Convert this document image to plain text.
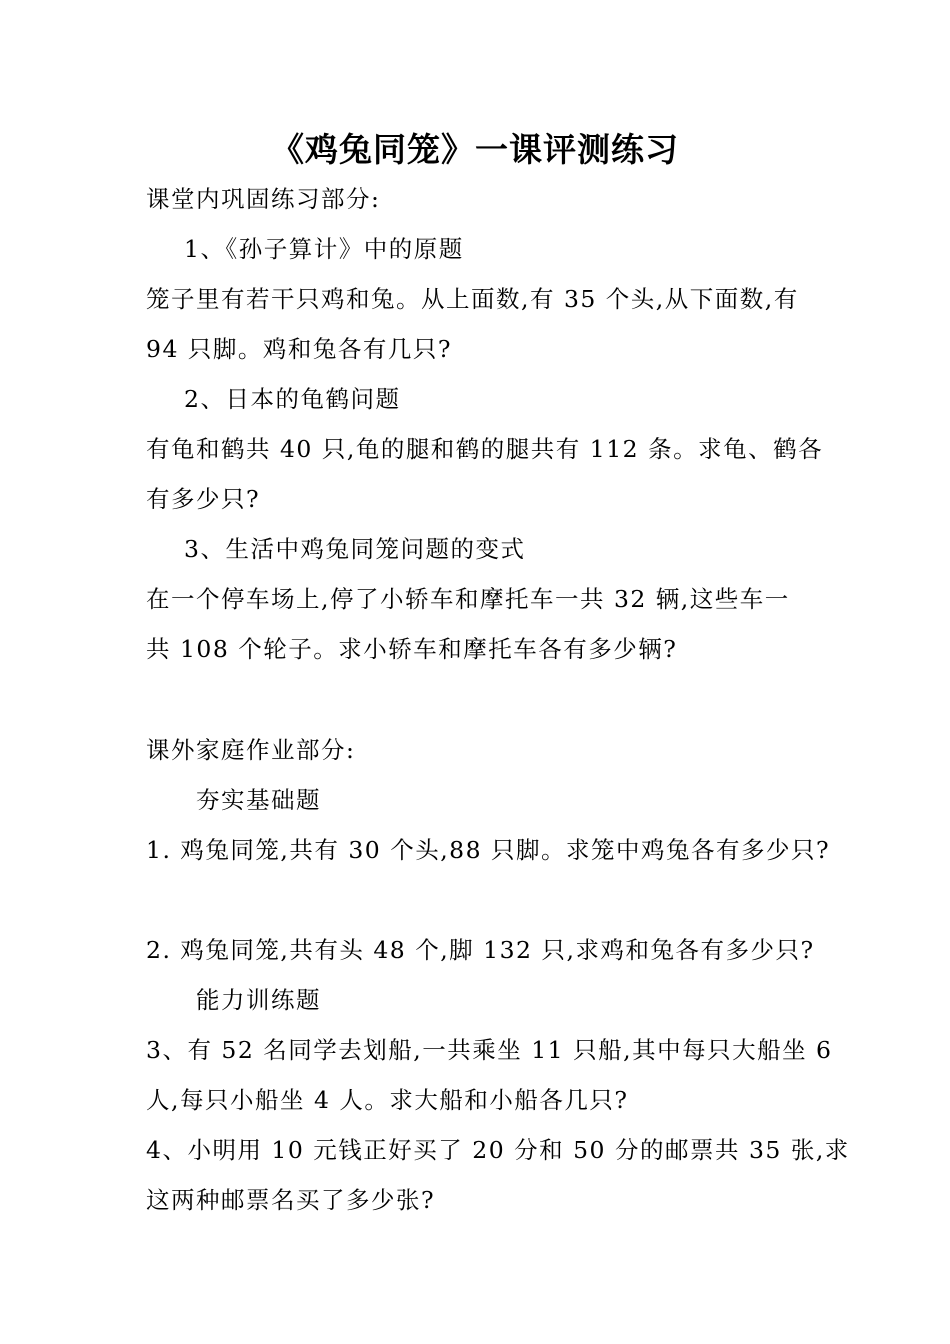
《鸡兔同笼》一课评测练习
课堂内巩固练习部分:
1、《孙子算计》中的原题
笼子里有若干只鸡和兔。从上面数,有 35 个头,从下面数,有
94 只脚。鸡和兔各有几只?
2、日本的龟鹤问题
有龟和鹤共 40 只,龟的腿和鹤的腿共有 112 条。求龟、鹤各
有多少只?
3、生活中鸡兔同笼问题的变式
在一个停车场上,停了小轿车和摩托车一共 32 辆,这些车一
共 108 个轮子。求小轿车和摩托车各有多少辆?
课外家庭作业部分:
夯实基础题
1. 鸡兔同笼,共有 30 个头,88 只脚。求笼中鸡兔各有多少只?
2. 鸡兔同笼,共有头 48 个,脚 132 只,求鸡和兔各有多少只?
能力训练题
3、有 52 名同学去划船,一共乘坐 11 只船,其中每只大船坐 6
人,每只小船坐 4 人。求大船和小船各几只?
4、小明用 10 元钱正好买了 20 分和 50 分的邮票共 35 张,求
这两种邮票名买了多少张?
